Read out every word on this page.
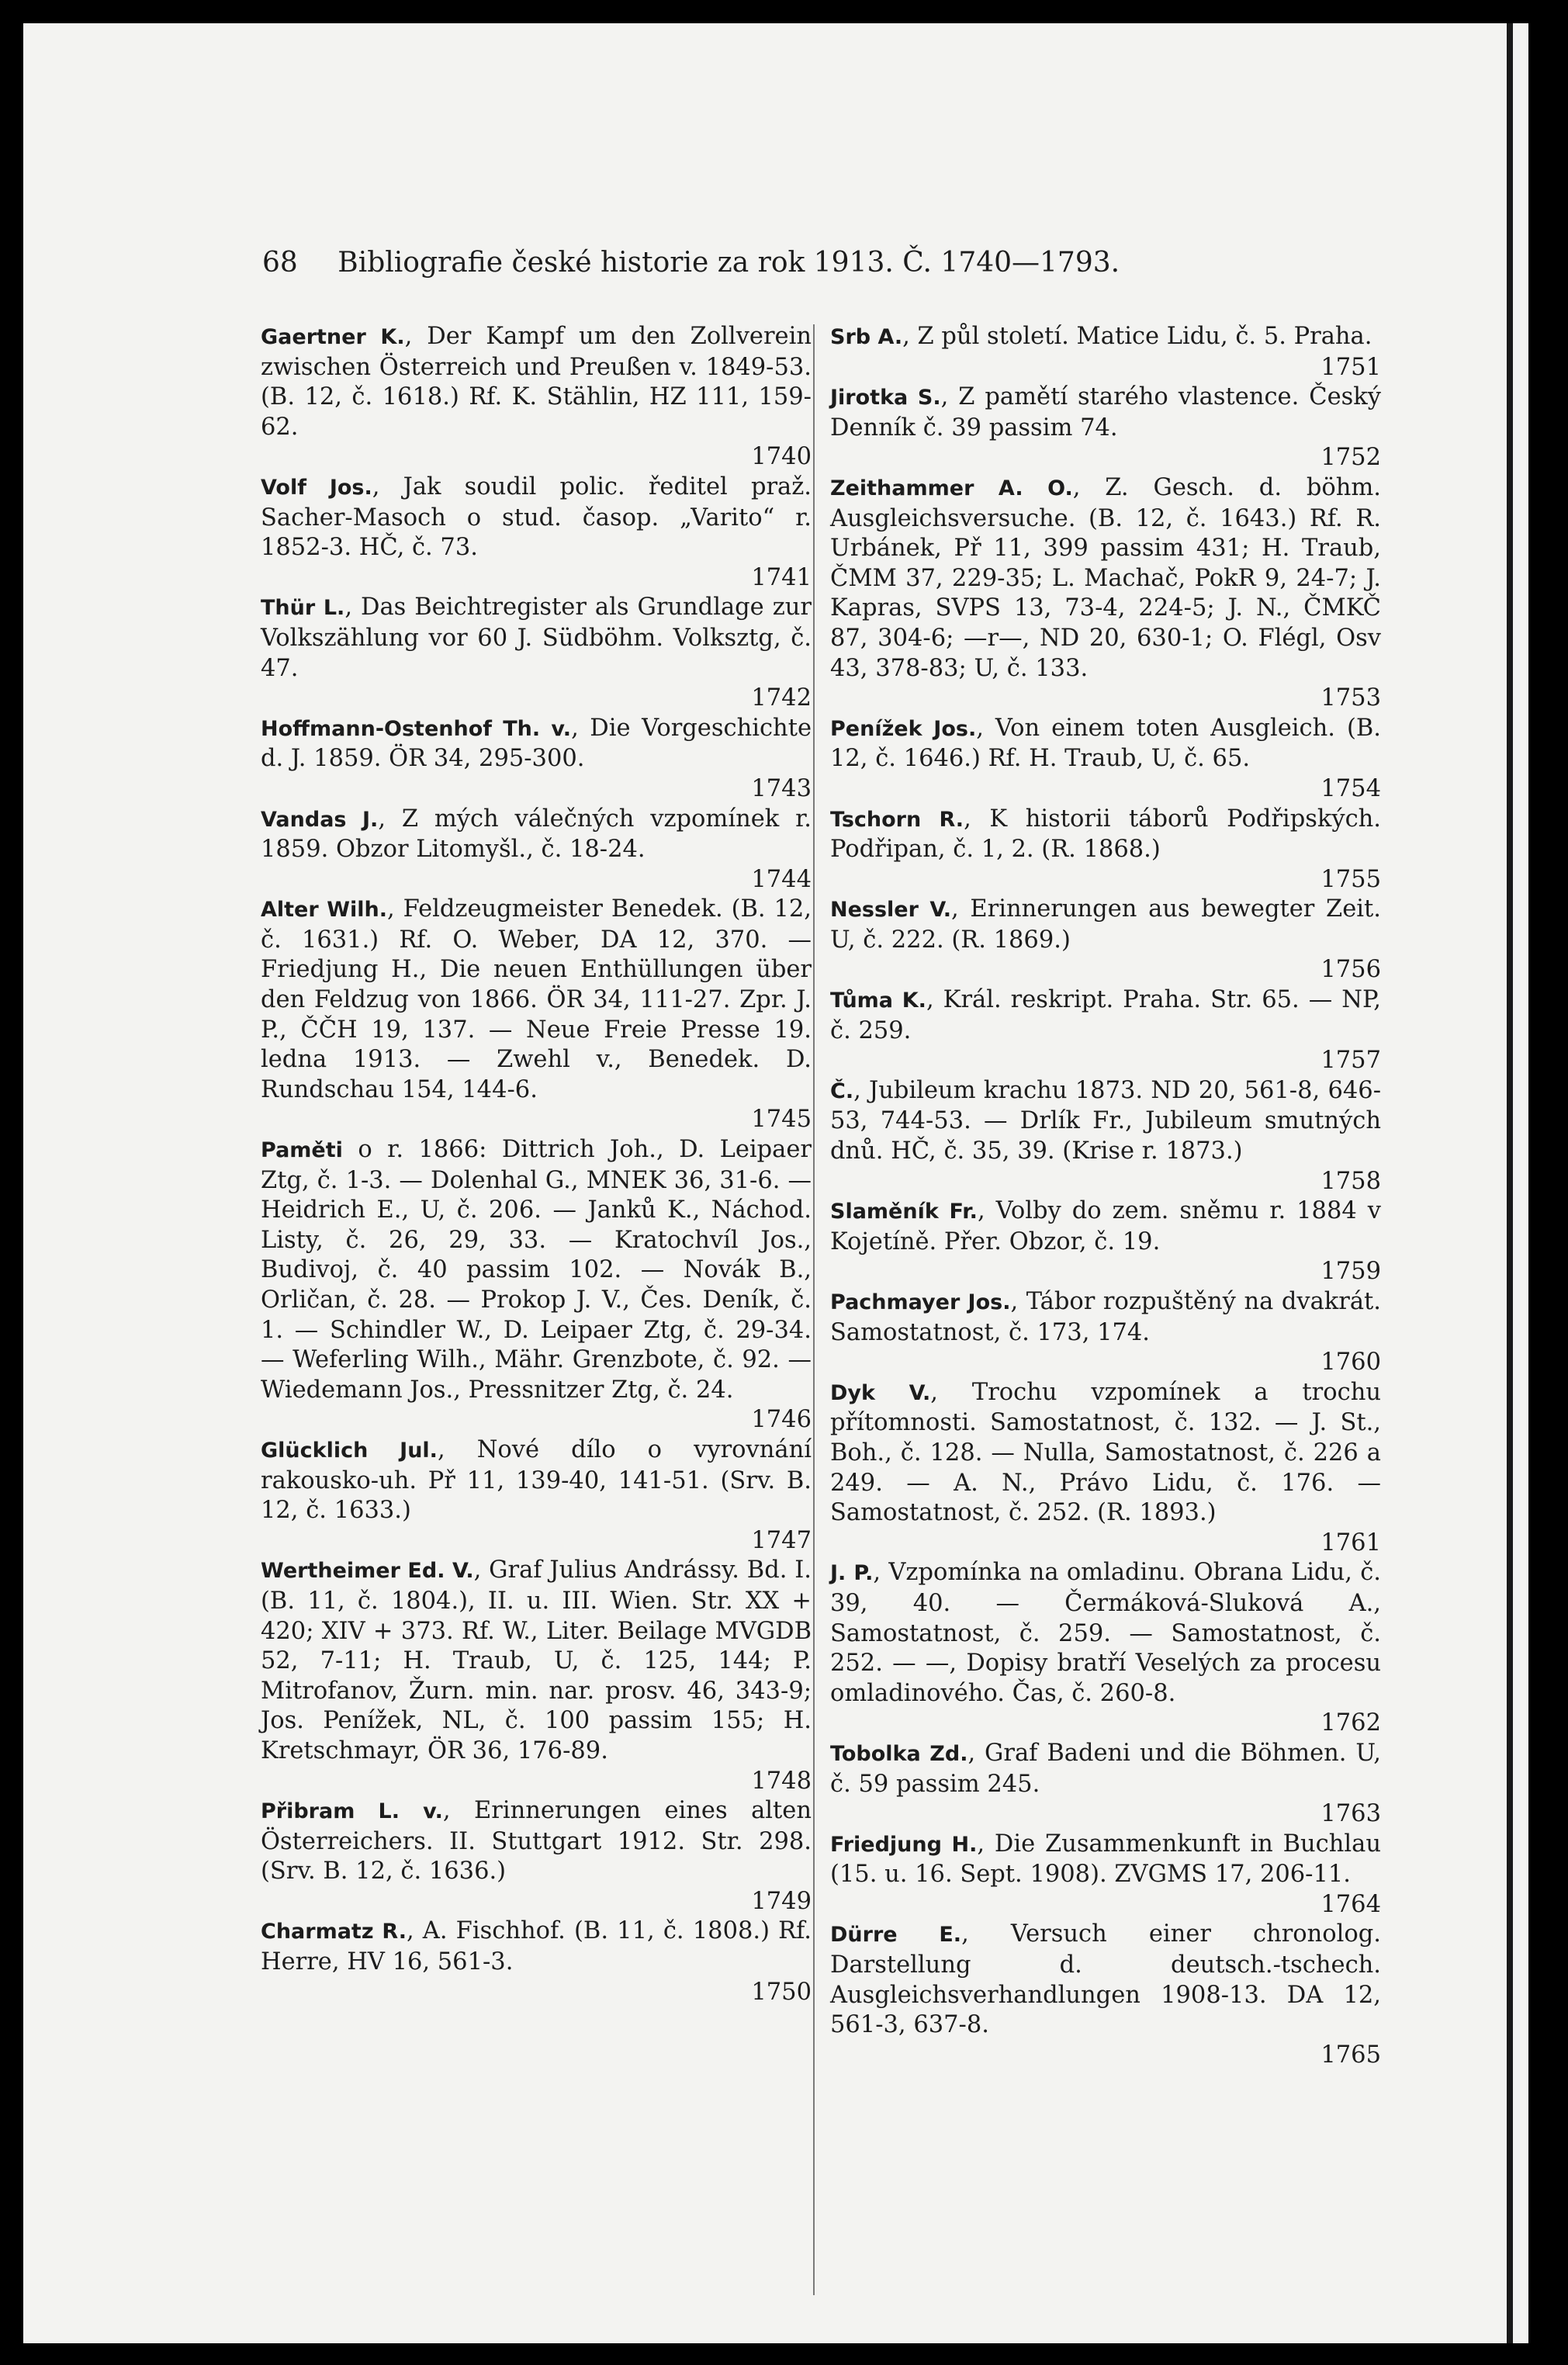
68 Bibliografie české historie za rok 1913. Č. 1740—1793.

Gaertner K., Der Kampf um den Zollverein zwischen Österreich und Preußen v. 1849-53. (B. 12, č. 1618.) Rf. K. Stählin, HZ 111, 159-62.
1740

Volf Jos., Jak soudil polic. ředitel praž. Sacher-Masoch o stud. časop. „Varito“ r. 1852-3. HČ, č. 73.
1741

Thür L., Das Beichtregister als Grundlage zur Volkszählung vor 60 J. Südböhm. Volksztg, č. 47.
1742

Hoffmann-Ostenhof Th. v., Die Vorgeschichte d. J. 1859. ÖR 34, 295-300.
1743

Vandas J., Z mých válečných vzpomínek r. 1859. Obzor Litomyšl., č. 18-24.
1744

Alter Wilh., Feldzeugmeister Benedek. (B. 12, č. 1631.) Rf. O. Weber, DA 12, 370. — Friedjung H., Die neuen Enthüllungen über den Feldzug von 1866. ÖR 34, 111-27. Zpr. J. P., ČČH 19, 137. — Neue Freie Presse 19. ledna 1913. — Zwehl v., Benedek. D. Rundschau 154, 144-6.
1745

Paměti o r. 1866: Dittrich Joh., D. Leipaer Ztg, č. 1-3. — Dolenhal G., MNEK 36, 31-6. — Heidrich E., U, č. 206. — Janků K., Náchod. Listy, č. 26, 29, 33. — Kratochvíl Jos., Budivoj, č. 40 passim 102. — Novák B., Orličan, č. 28. — Prokop J. V., Čes. Deník, č. 1. — Schindler W., D. Leipaer Ztg, č. 29-34. — Weferling Wilh., Mähr. Grenzbote, č. 92. — Wiedemann Jos., Pressnitzer Ztg, č. 24.
1746

Glücklich Jul., Nové dílo o vyrovnání rakousko-uh. Př 11, 139-40, 141-51. (Srv. B. 12, č. 1633.)
1747

Wertheimer Ed. V., Graf Julius Andrássy. Bd. I. (B. 11, č. 1804.), II. u. III. Wien. Str. XX + 420; XIV + 373. Rf. W., Liter. Beilage MVGDB 52, 7-11; H. Traub, U, č. 125, 144; P. Mitrofanov, Žurn. min. nar. prosv. 46, 343-9; Jos. Penížek, NL, č. 100 passim 155; H. Kretschmayr, ÖR 36, 176-89.
1748

Přibram L. v., Erinnerungen eines alten Österreichers. II. Stuttgart 1912. Str. 298. (Srv. B. 12, č. 1636.)
1749

Charmatz R., A. Fischhof. (B. 11, č. 1808.) Rf. Herre, HV 16, 561-3.
1750

Srb A., Z půl století. Matice Lidu, č. 5. Praha.
1751

Jirotka S., Z pamětí starého vlastence. Český Denník č. 39 passim 74.
1752

Zeithammer A. O., Z. Gesch. d. böhm. Ausgleichsversuche. (B. 12, č. 1643.) Rf. R. Urbánek, Př 11, 399 passim 431; H. Traub, ČMM 37, 229-35; L. Machač, PokR 9, 24-7; J. Kapras, SVPS 13, 73-4, 224-5; J. N., ČMKČ 87, 304-6; —r—, ND 20, 630-1; O. Flégl, Osv 43, 378-83; U, č. 133.
1753

Penížek Jos., Von einem toten Ausgleich. (B. 12, č. 1646.) Rf. H. Traub, U, č. 65.
1754

Tschorn R., K historii táborů Podřipských. Podřipan, č. 1, 2. (R. 1868.)
1755

Nessler V., Erinnerungen aus bewegter Zeit. U, č. 222. (R. 1869.)
1756

Tůma K., Král. reskript. Praha. Str. 65. — NP, č. 259.
1757

Č., Jubileum krachu 1873. ND 20, 561-8, 646-53, 744-53. — Drlík Fr., Jubileum smutných dnů. HČ, č. 35, 39. (Krise r. 1873.)
1758

Slaměník Fr., Volby do zem. sněmu r. 1884 v Kojetíně. Přer. Obzor, č. 19.
1759

Pachmayer Jos., Tábor rozpuštěný na dvakrát. Samostatnost, č. 173, 174.
1760

Dyk V., Trochu vzpomínek a trochu přítomnosti. Samostatnost, č. 132. — J. St., Boh., č. 128. — Nulla, Samostatnost, č. 226 a 249. — A. N., Právo Lidu, č. 176. — Samostatnost, č. 252. (R. 1893.)
1761

J. P., Vzpomínka na omladinu. Obrana Lidu, č. 39, 40. — Čermáková-Sluková A., Samostatnost, č. 259. — Samostatnost, č. 252. — —, Dopisy bratří Veselých za procesu omladinového. Čas, č. 260-8.
1762

Tobolka Zd., Graf Badeni und die Böhmen. U, č. 59 passim 245.
1763

Friedjung H., Die Zusammenkunft in Buchlau (15. u. 16. Sept. 1908). ZVGMS 17, 206-11.
1764

Dürre E., Versuch einer chronolog. Darstellung d. deutsch.-tschech. Ausgleichsverhandlungen 1908-13. DA 12, 561-3, 637-8.
1765
